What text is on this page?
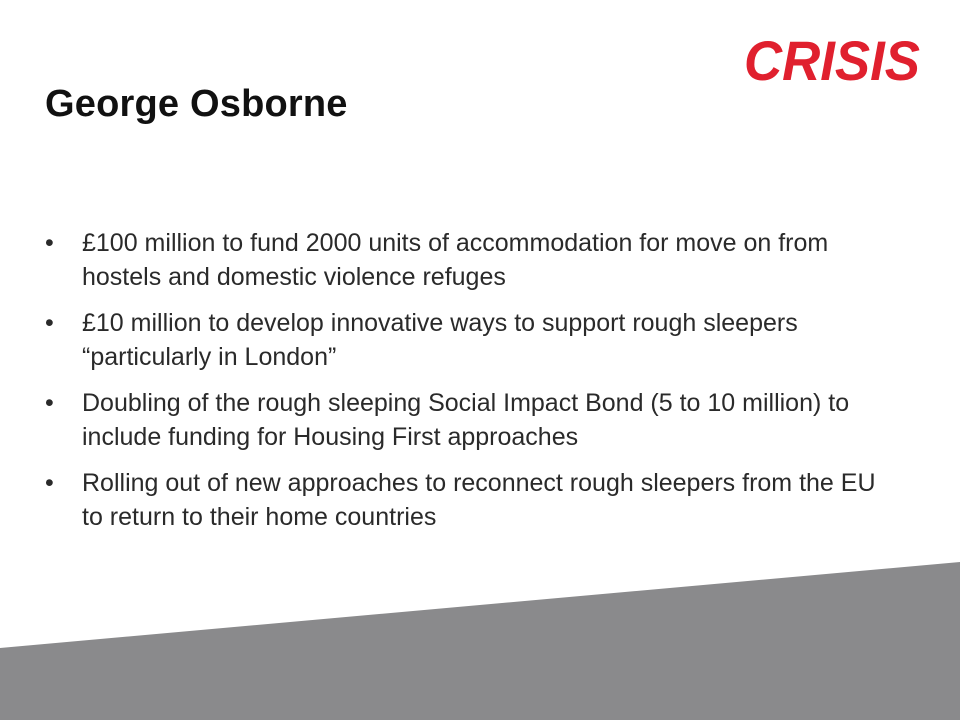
CRISIS
George Osborne
•	£100 million to fund 2000 units of accommodation for move on from hostels and domestic violence refuges
•	£10 million to develop innovative ways to support rough sleepers “particularly in London”
•	Doubling of the rough sleeping Social Impact Bond (5 to 10 million) to include funding for Housing First approaches
•	Rolling out of new approaches to reconnect rough sleepers from the EU to return to their home countries
